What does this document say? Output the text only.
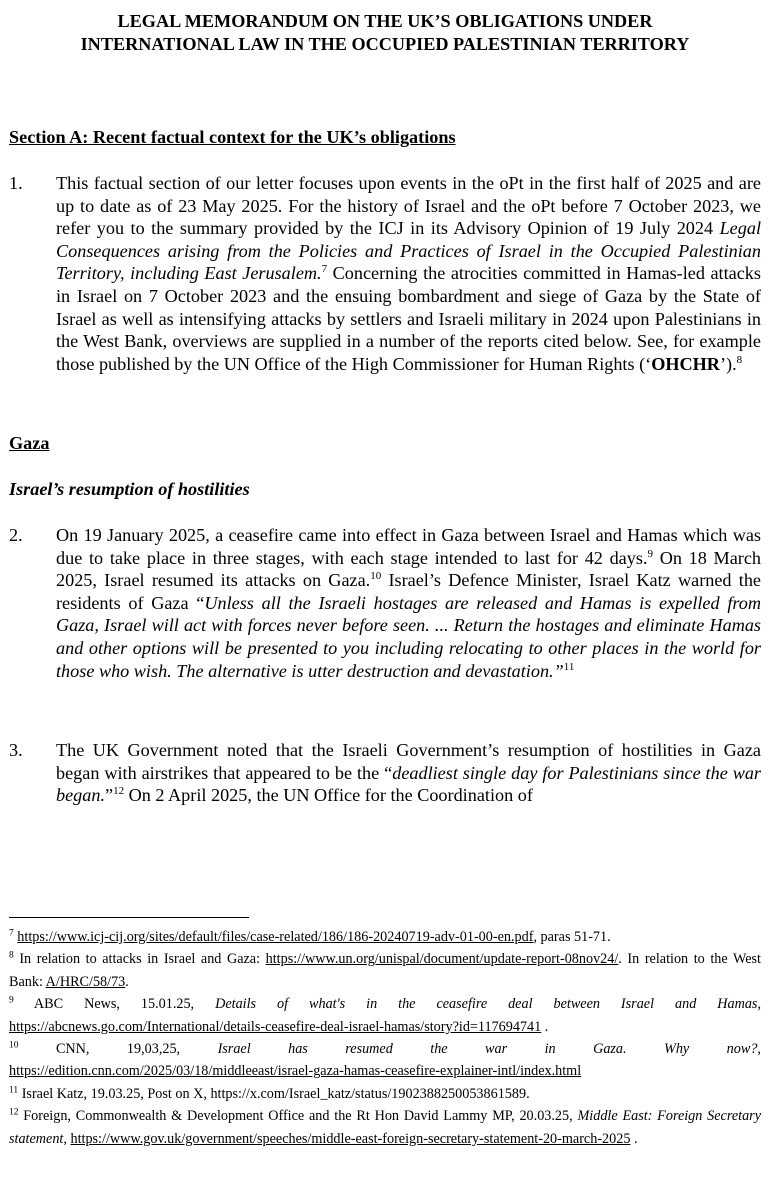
LEGAL MEMORANDUM ON THE UK’S OBLIGATIONS UNDER
INTERNATIONAL LAW IN THE OCCUPIED PALESTINIAN TERRITORY
Section A: Recent factual context for the UK’s obligations
1. This factual section of our letter focuses upon events in the oPt in the first half of 2025 and are up to date as of 23 May 2025. For the history of Israel and the oPt before 7 October 2023, we refer you to the summary provided by the ICJ in its Advisory Opinion of 19 July 2024 Legal Consequences arising from the Policies and Practices of Israel in the Occupied Palestinian Territory, including East Jerusalem.$^7$ Concerning the atrocities committed in Hamas-led attacks in Israel on 7 October 2023 and the ensuing bombardment and siege of Gaza by the State of Israel as well as intensifying attacks by settlers and Israeli military in 2024 upon Palestinians in the West Bank, overviews are supplied in a number of the reports cited below. See, for example those published by the UN Office of the High Commissioner for Human Rights (‘OHCHR’).$^8$
Gaza
Israel’s resumption of hostilities
2. On 19 January 2025, a ceasefire came into effect in Gaza between Israel and Hamas which was due to take place in three stages, with each stage intended to last for 42 days.$^9$ On 18 March 2025, Israel resumed its attacks on Gaza.$^{10}$ Israel’s Defence Minister, Israel Katz warned the residents of Gaza “Unless all the Israeli hostages are released and Hamas is expelled from Gaza, Israel will act with forces never before seen. ... Return the hostages and eliminate Hamas and other options will be presented to you including relocating to other places in the world for those who wish. The alternative is utter destruction and devastation.”$^{11}$
3. The UK Government noted that the Israeli Government’s resumption of hostilities in Gaza began with airstrikes that appeared to be the “deadliest single day for Palestinians since the war began.”$^{12}$ On 2 April 2025, the UN Office for the Coordination of

$^7$ https://www.icj-cij.org/sites/default/files/case-related/186/186-20240719-adv-01-00-en.pdf, paras 51-71.

$^8$ In relation to attacks in Israel and Gaza: https://www.un.org/unispal/document/update-report-08nov24/. In relation to the West Bank: A/HRC/58/73.

$^9$ ABC News, 15.01.25, Details of what's in the ceasefire deal between Israel and Hamas,
https://abcnews.go.com/International/details-ceasefire-deal-israel-hamas/story?id=117694741 .

$^{10}$ CNN, 19,03,25, Israel has resumed the war in Gaza. Why now?,
https://edition.cnn.com/2025/03/18/middleeast/israel-gaza-hamas-ceasefire-explainer-intl/index.html

$^{11}$ Israel Katz, 19.03.25, Post on X, https://x.com/Israel_katz/status/1902388250053861589.

$^{12}$ Foreign, Commonwealth & Development Office and the Rt Hon David Lammy MP, 20.03.25, Middle East: Foreign Secretary statement, https://www.gov.uk/government/speeches/middle-east-foreign-secretary-statement-20-march-2025 .
